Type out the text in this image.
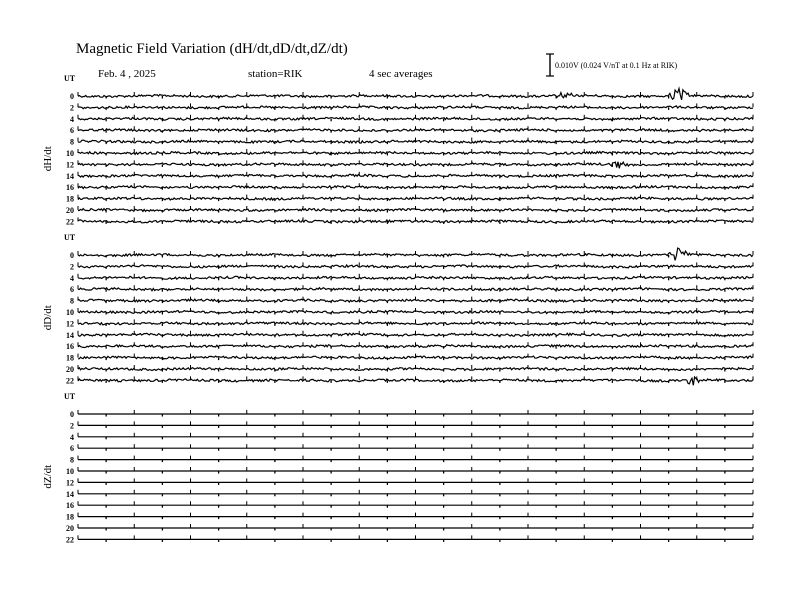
Magnetic Field Variation (dH/dt,dD/dt,dZ/dt)
Feb. 4 , 2025	station=RIK	4 sec averages
0.010V (0.024 V/nT at 0.1 Hz at RIK)
UT
dH/dt
0
2
4
6
8
10
12
14
16
18
20
22
UT
dD/dt
0
2
4
6
8
10
12
14
16
18
20
22
UT
dZ/dt
0
2
4
6
8
10
12
14
16
18
20
22
